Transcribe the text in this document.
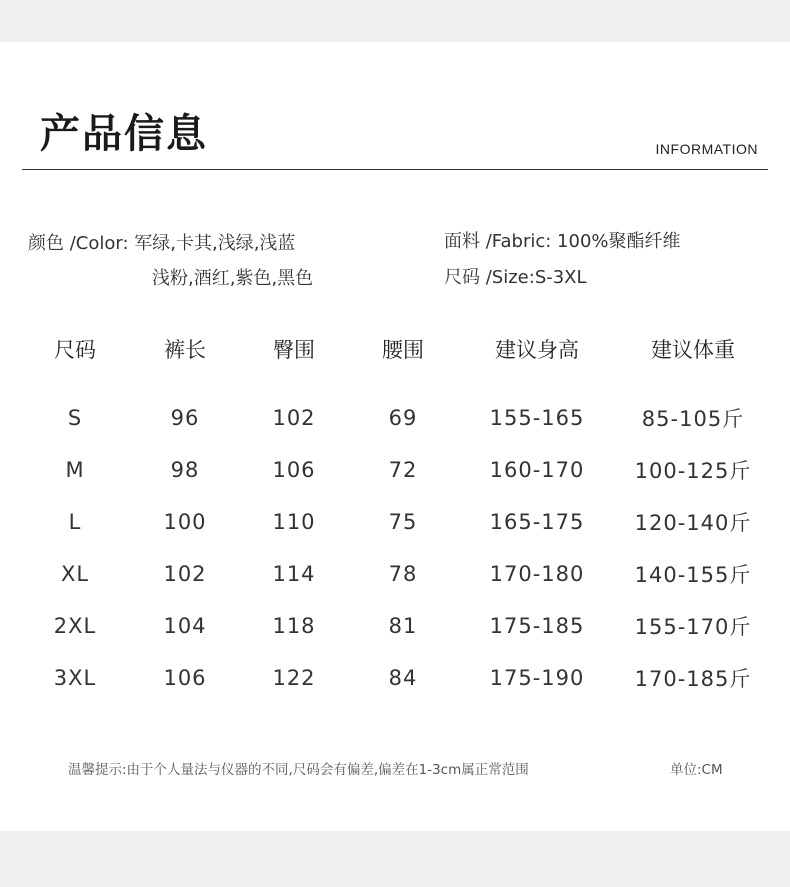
产品信息	INFORMATION
颜色 /Color: 军绿,卡其,浅绿,浅蓝
浅粉,酒红,紫色,黑色
面料 /Fabric: 100%聚酯纤维
尺码 /Size:S-3XL
尺码	裤长	臀围	腰围	建议身高	建议体重
S	96	102	69	155-165	85-105斤
M	98	106	72	160-170	100-125斤
L	100	110	75	165-175	120-140斤
XL	102	114	78	170-180	140-155斤
2XL	104	118	81	175-185	155-170斤
3XL	106	122	84	175-190	170-185斤
温馨提示:由于个人量法与仪器的不同,尺码会有偏差,偏差在1-3cm属正常范围	单位:CM
